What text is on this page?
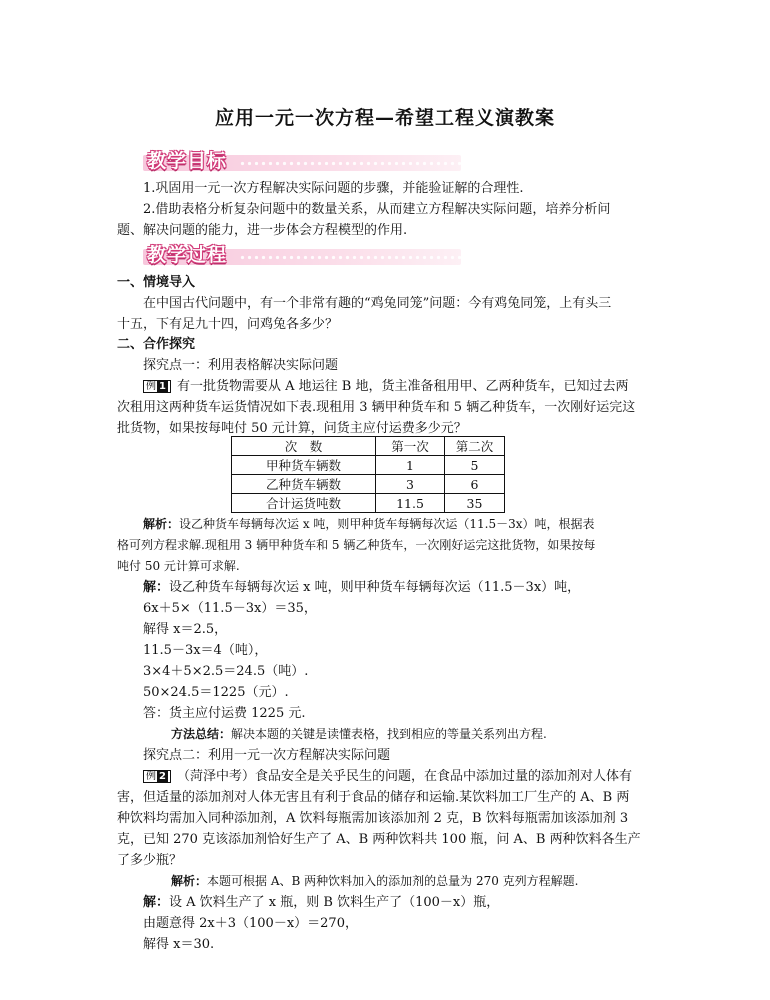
应用一元一次方程—希望工程义演教案
教学目标
1.巩固用一元一次方程解决实际问题的步骤，并能验证解的合理性.
2.借助表格分析复杂问题中的数量关系，从而建立方程解决实际问题，培养分析问
题、解决问题的能力，进一步体会方程模型的作用.
教学过程
一、情境导入
在中国古代问题中，有一个非常有趣的“鸡兔同笼”问题：今有鸡兔同笼，上有头三
十五，下有足九十四，问鸡兔各多少？
二、合作探究
探究点一：利用表格解决实际问题
例 1 有一批货物需要从 A 地运往 B 地，货主准备租用甲、乙两种货车，已知过去两
次租用这两种货车运货情况如下表.现租用 3 辆甲种货车和 5 辆乙种货车，一次刚好运完这
批货物，如果按每吨付 50 元计算，问货主应付运费多少元？
次　数	第一次	第二次
甲种货车辆数	1	5
乙种货车辆数	3	6
合计运货吨数	11.5	35
解析：设乙种货车每辆每次运 x 吨，则甲种货车每辆每次运（11.5－3x）吨，根据表
格可列方程求解.现租用 3 辆甲种货车和 5 辆乙种货车，一次刚好运完这批货物，如果按每
吨付 50 元计算可求解.
解：设乙种货车每辆每次运 x 吨，则甲种货车每辆每次运（11.5－3x）吨，
6x＋5×（11.5－3x）＝35，
解得 x＝2.5，
11.5－3x＝4（吨），
3×4＋5×2.5＝24.5（吨）.
50×24.5＝1225（元）.
答：货主应付运费 1225 元.
方法总结：解决本题的关键是读懂表格，找到相应的等量关系列出方程.
探究点二：利用一元一次方程解决实际问题
例 2 （菏泽中考）食品安全是关乎民生的问题，在食品中添加过量的添加剂对人体有
害，但适量的添加剂对人体无害且有利于食品的储存和运输.某饮料加工厂生产的 A、B 两
种饮料均需加入同种添加剂，A 饮料每瓶需加该添加剂 2 克，B 饮料每瓶需加该添加剂 3
克，已知 270 克该添加剂恰好生产了 A、B 两种饮料共 100 瓶，问 A、B 两种饮料各生产
了多少瓶？
解析：本题可根据 A、B 两种饮料加入的添加剂的总量为 270 克列方程解题.
解：设 A 饮料生产了 x 瓶，则 B 饮料生产了（100－x）瓶，
由题意得 2x＋3（100－x）＝270，
解得 x＝30.
